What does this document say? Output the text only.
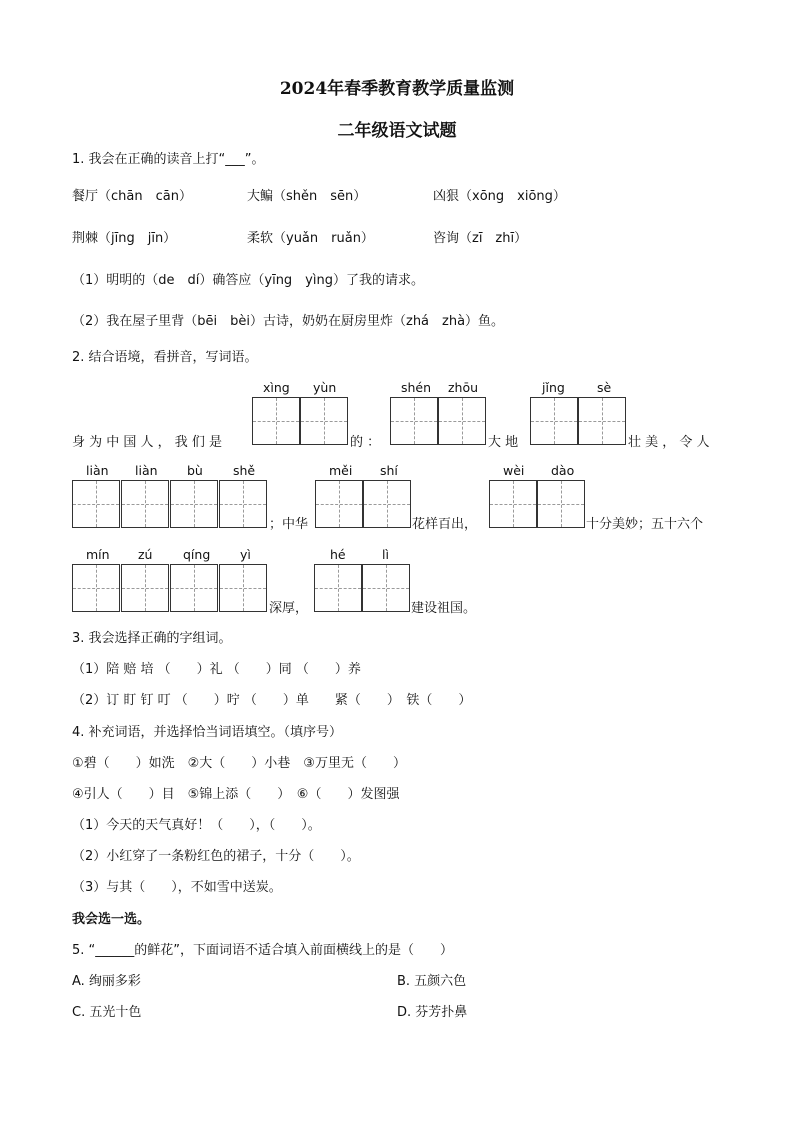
2024年春季教育教学质量监测
二年级语文试题
1. 我会在正确的读音上打“___”。
餐厅（chān　cān）	大鳊（shěn　sēn）	凶狠（xōng　xiōng）
荆棘（jīng　jīn）	柔软（yuǎn　ruǎn）	咨询（zī　zhī）
（1）明明的（de　dí）确答应（yīng　yìng）了我的请求。
（2）我在屋子里背（bēi　bèi）古诗，奶奶在厨房里炸（zhá　zhà）鱼。
2. 结合语境，看拼音，写词语。
xìng yùn	shén zhōu	jǐng	sè
身 为 中 国 人 ， 我 们 是	的 ：	大 地	壮 美 ， 令 人
liàn liàn bù shě	měi shí	wèi dào
；中华	花样百出，	十分美妙；五十六个
mín zú qíng yì	hé	lì
深厚，	建设祖国。
3. 我会选择正确的字组词。
（1）陪 赔 培 （　　）礼 （　　）同 （　　）养
（2）订 盯 钉 叮 （　　）咛 （　　）单　　紧（　　）　铁（　　）
4. 补充词语，并选择恰当词语填空。（填序号）
①碧（　　）如洗　②大（　　）小巷　③万里无（　　）
④引人（　　）目　⑤锦上添（　　）　⑥（　　）发图强
（1）今天的天气真好！（　　），（　　）。
（2）小红穿了一条粉红色的裙子，十分（　　）。
（3）与其（　　），不如雪中送炭。
我会选一选。
5. “______的鲜花”，下面词语不适合填入前面横线上的是（　　）
A. 绚丽多彩	B. 五颜六色
C. 五光十色	D. 芬芳扑鼻
